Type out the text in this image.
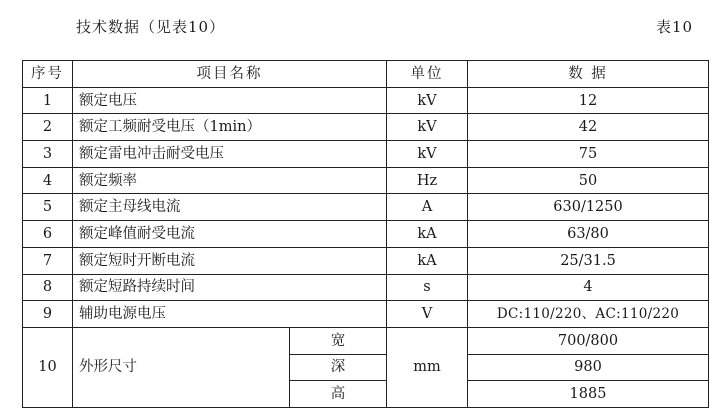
技术数据（见表10）	表10
序号	项目名称		单位	数 据
1	额定电压		kV	12
2	额定工频耐受电压（1min）		kV	42
3	额定雷电冲击耐受电压		kV	75
4	额定频率		Hz	50
5	额定主母线电流		A	630/1250
6	额定峰值耐受电流		kA	63/80
7	额定短时开断电流		kA	25/31.5
8	额定短路持续时间		s	4
9	辅助电源电压		V	DC:110/220、AC:110/220
10	外形尺寸	宽	mm	700/800
		深		980
		高		1885
